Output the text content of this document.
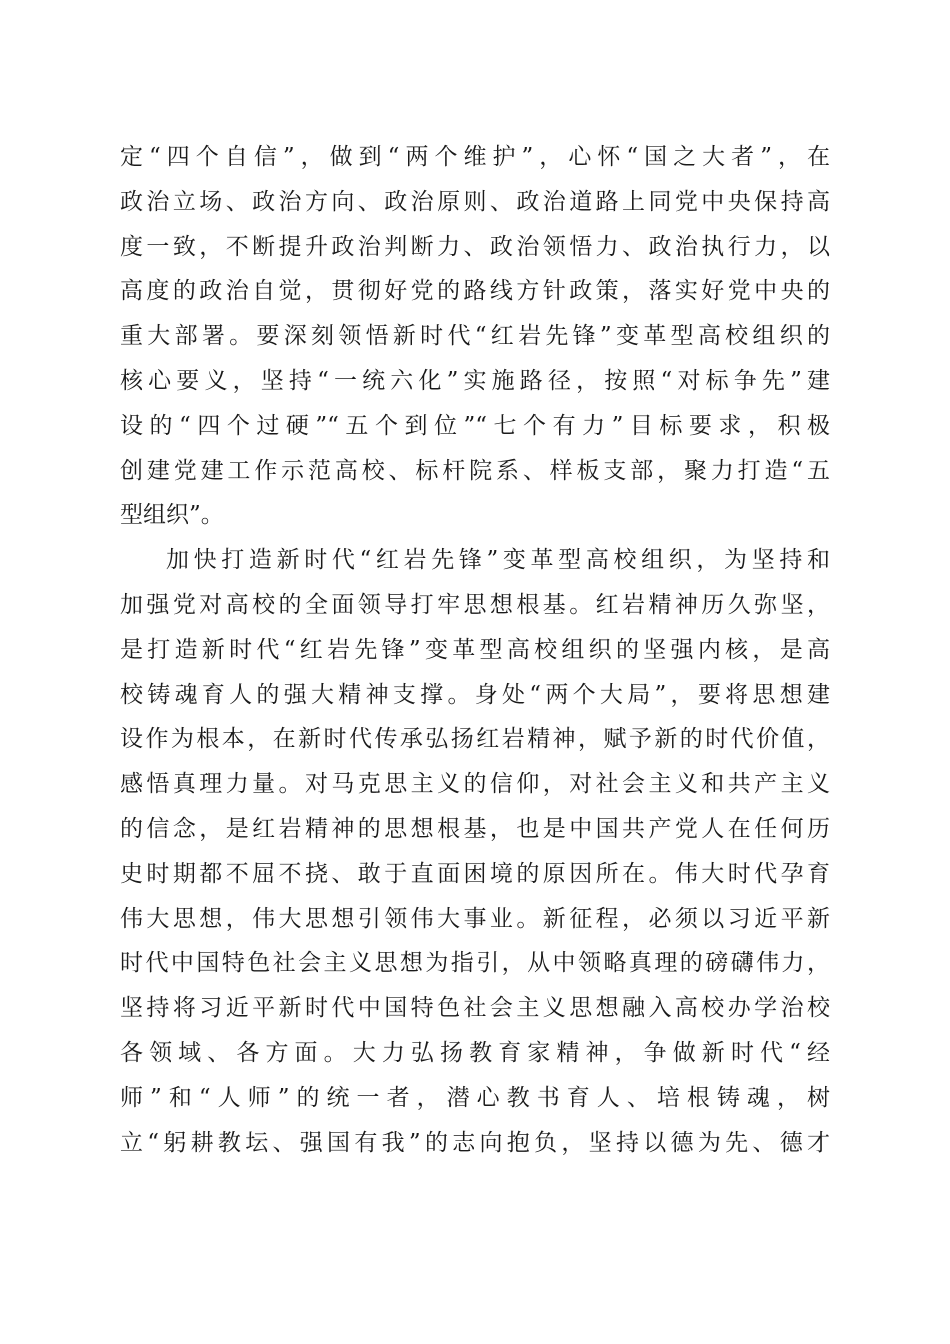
定“四个自信”，做到“两个维护”，心怀“国之大者”，在
政治立场、政治方向、政治原则、政治道路上同党中央保持高
度一致，不断提升政治判断力、政治领悟力、政治执行力，以
高度的政治自觉，贯彻好党的路线方针政策，落实好党中央的
重大部署。要深刻领悟新时代“红岩先锋”变革型高校组织的
核心要义，坚持“一统六化”实施路径，按照“对标争先”建
设的“四个过硬”“五个到位”“七个有力”目标要求，积极
创建党建工作示范高校、标杆院系、样板支部，聚力打造“五
型组织”。
加快打造新时代“红岩先锋”变革型高校组织，为坚持和
加强党对高校的全面领导打牢思想根基。红岩精神历久弥坚，
是打造新时代“红岩先锋”变革型高校组织的坚强内核，是高
校铸魂育人的强大精神支撑。身处“两个大局”，要将思想建
设作为根本，在新时代传承弘扬红岩精神，赋予新的时代价值，
感悟真理力量。对马克思主义的信仰，对社会主义和共产主义
的信念，是红岩精神的思想根基，也是中国共产党人在任何历
史时期都不屈不挠、敢于直面困境的原因所在。伟大时代孕育
伟大思想，伟大思想引领伟大事业。新征程，必须以习近平新
时代中国特色社会主义思想为指引，从中领略真理的磅礴伟力，
坚持将习近平新时代中国特色社会主义思想融入高校办学治校
各领域、各方面。大力弘扬教育家精神，争做新时代“经
师”和“人师”的统一者，潜心教书育人、培根铸魂，树
立“躬耕教坛、强国有我”的志向抱负，坚持以德为先、德才
